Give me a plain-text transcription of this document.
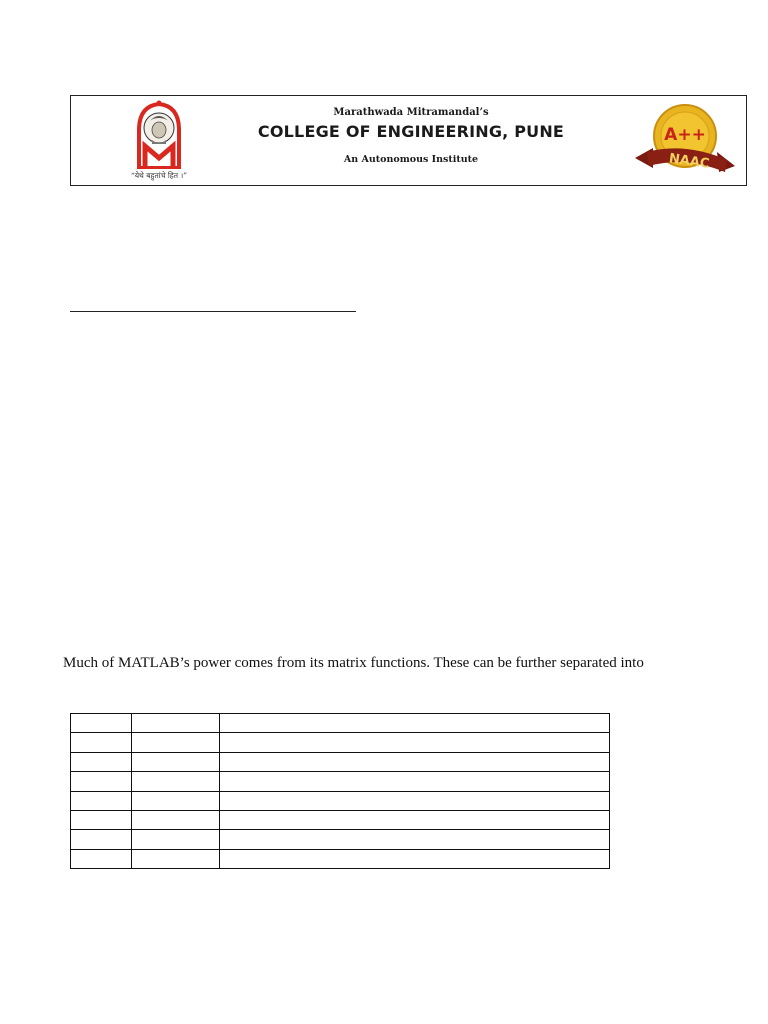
“येथे बहुतांचे हित ।”
Marathwada Mitramandal’s
COLLEGE OF ENGINEERING, PUNE
An Autonomous Institute
A++
NAAC
Much of MATLAB’s power comes from its matrix functions. These can be further separated into
